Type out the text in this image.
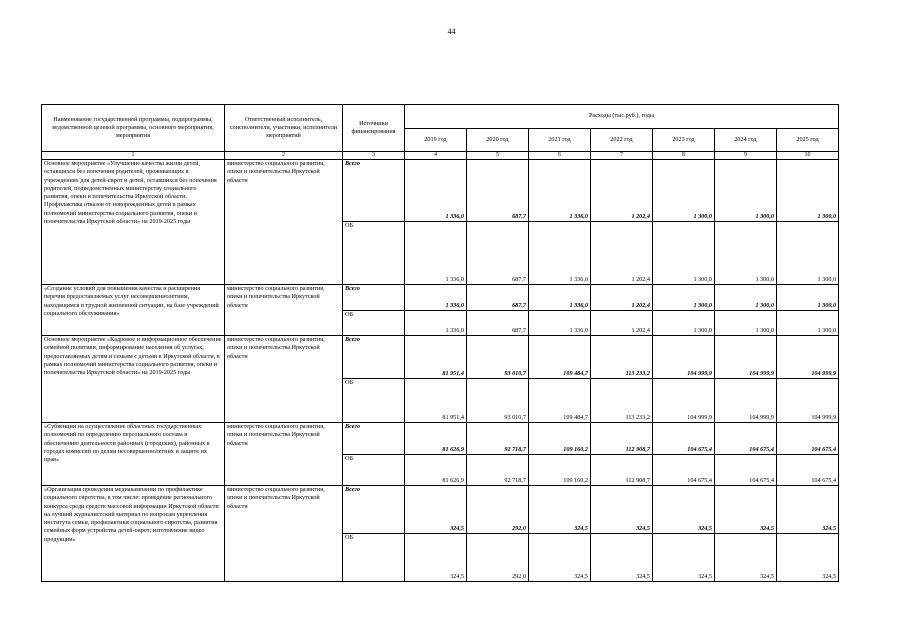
44
Наименование государственной программы, подпрограммы, ведомственной целевой программы, основного мероприятия, мероприятия	Ответственный исполнитель, соисполнители, участники, исполнители мероприятий	Источники финансирования	Расходы (тыс.руб.), годы						
			2019 год	2020 год	2021 год	2022 год	2023 год	2024 год	2025 год
1	2	3	4	5	6	7	8	9	10
Основное мероприятие «Улучшение качества жизни детей, оставшихся без попечения родителей, проживающих в учреждениях для детей-сирот и детей, оставшихся без попечения родителей, подведомственных министерству социального развития, опеки и попечительства Иркутской области. Профилактика отказов от новорожденных детей в рамках полномочий министерства социального развития, опеки и попечительства Иркутской области» на 2019-2025 годы	министерство социального развития, опеки и попечительства Иркутской области	Всего	1 336,0	687,7	1 336,0	1 202,4	1 300,0	1 300,0	1 300,0
		ОБ	1 336,0	687,7	1 336,0	1 202,4	1 300,0	1 300,0	1 300,0
«Создание условий для повышения качества и расширения перечня предоставляемых услуг несовершеннолетним, находящимся в трудной жизненной ситуации, на базе учреждений социального обслуживания»	министерство социального развития, опеки и попечительства Иркутской области	Всего	1 336,0	687,7	1 336,0	1 202,4	1 300,0	1 300,0	1 300,0
		ОБ	1 336,0	687,7	1 336,0	1 202,4	1 300,0	1 300,0	1 300,0
Основное мероприятие «Кадровое и информационное обеспечение семейной политики, информирование населения об услугах, предоставляемых детям и семьям с детьми в Иркутской области, в рамках полномочий министерства социального развития, опеки и попечительства Иркутской области» на 2019-2025 годы	министерство социального развития, опеки и попечительства Иркутской области	Всего	81 951,4	93 010,7	109 484,7	113 233,2	104 999,9	104 999,9	104 999,9
		ОБ	81 951,4	93 010,7	109 484,7	113 233,2	104 999,9	104 999,9	104 999,9
«Субвенции на осуществление областных государственных полномочий по определению персонального состава и обеспечению деятельности районных (городских), районных в городах комиссий по делам несовершеннолетних и защите их прав»	министерство социального развития, опеки и попечительства Иркутской области	Всего	81 626,9	92 718,7	109 160,2	112 908,7	104 675,4	104 675,4	104 675,4
		ОБ	81 626,9	92 718,7	109 160,2	112 908,7	104 675,4	104 675,4	104 675,4
«Организация проведения медиакампании по профилактике социального сиротства, в том числе: проведение регионального конкурса среди средств массовой информации Иркутской области на лучший журналистский материал по вопросам укрепления института семьи, профилактики социального сиротства, развития семейных форм устройства детей-сирот; изготовление видео продукции»	министерство социального развития, опеки и попечительства Иркутской области	Всего	324,5	292,0	324,5	324,5	324,5	324,5	324,5
		ОБ	324,5	292,0	324,5	324,5	324,5	324,5	324,5
